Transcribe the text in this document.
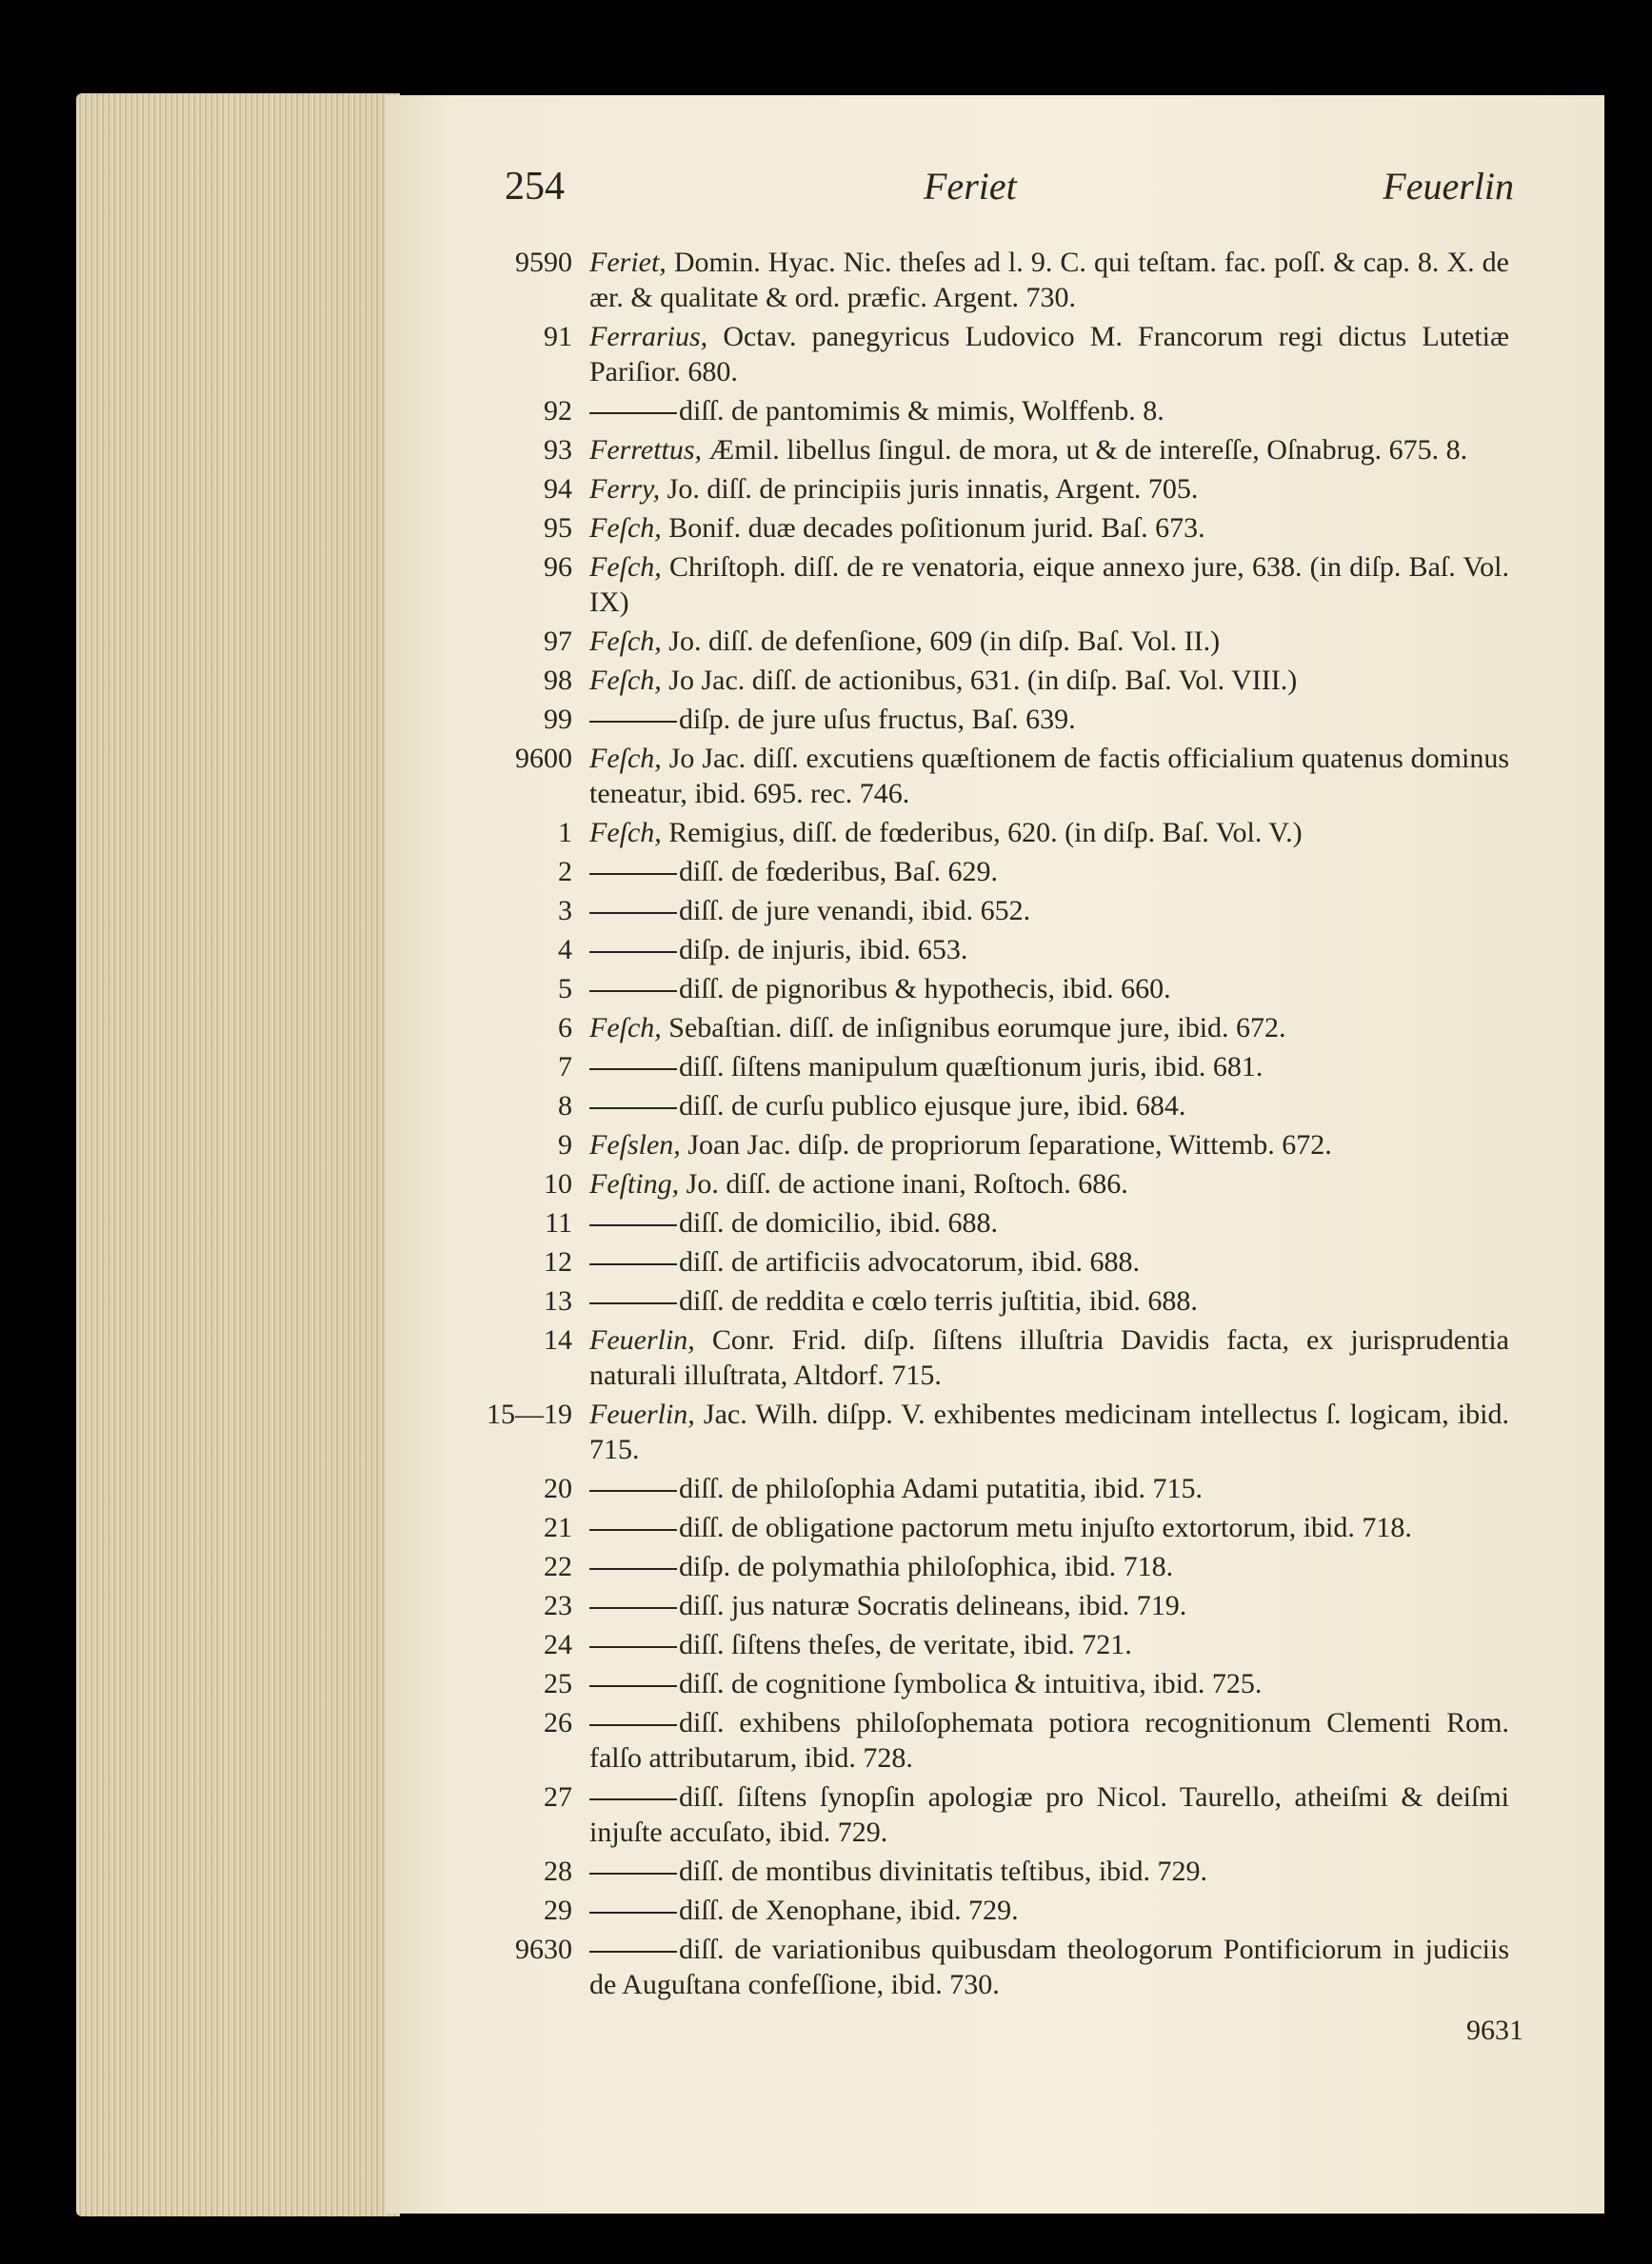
254	Feriet	Feuerlin
9590 Feriet, Domin. Hyac. Nic. theſes ad l. 9. C. qui teſtam. fac. poſſ. & cap. 8. X. de ær. & qualitate & ord. præfic. Argent. 730.
91 Ferrarius, Octav. panegyricus Ludovico M. Francorum regi dictus Lutetiæ Pariſior. 680.
92	diſſ. de pantomimis & mimis, Wolffenb. 8.
93 Ferrettus, Æmil. libellus ſingul. de mora, ut & de intereſſe, Oſnabrug. 675. 8.
94 Ferry, Jo. diſſ. de principiis juris innatis, Argent. 705.
95 Feſch, Bonif. duæ decades poſitionum jurid. Baſ. 673.
96 Feſch, Chriſtoph. diſſ. de re venatoria, eique annexo jure, 638. (in diſp. Baſ. Vol. IX)
97 Feſch, Jo. diſſ. de defenſione, 609 (in diſp. Baſ. Vol. II.)
98 Feſch, Jo Jac. diſſ. de actionibus, 631. (in diſp. Baſ. Vol. VIII.)
99	diſp. de jure uſus fructus, Baſ. 639.
9600 Feſch, Jo Jac. diſſ. excutiens quæſtionem de factis officialium quatenus dominus teneatur, ibid. 695. rec. 746.
1 Feſch, Remigius, diſſ. de fœderibus, 620. (in diſp. Baſ. Vol. V.)
2	diſſ. de fœderibus, Baſ. 629.
3	diſſ. de jure venandi, ibid. 652.
4	diſp. de injuris, ibid. 653.
5	diſſ. de pignoribus & hypothecis, ibid. 660.
6 Feſch, Sebaſtian. diſſ. de inſignibus eorumque jure, ibid. 672.
7	diſſ. ſiſtens manipulum quæſtionum juris, ibid. 681.
8	diſſ. de curſu publico ejusque jure, ibid. 684.
9 Feſslen, Joan Jac. diſp. de propriorum ſeparatione, Wittemb. 672.
10 Feſting, Jo. diſſ. de actione inani, Roſtoch. 686.
11	diſſ. de domicilio, ibid. 688.
12	diſſ. de artificiis advocatorum, ibid. 688.
13	diſſ. de reddita e cœlo terris juſtitia, ibid. 688.
14 Feuerlin, Conr. Frid. diſp. ſiſtens illuſtria Davidis facta, ex jurisprudentia naturali illuſtrata, Altdorf. 715.
15—19 Feuerlin, Jac. Wilh. diſpp. V. exhibentes medicinam intellectus ſ. logicam, ibid. 715.
20	diſſ. de philoſophia Adami putatitia, ibid. 715.
21	diſſ. de obligatione pactorum metu injuſto extortorum, ibid. 718.
22	diſp. de polymathia philoſophica, ibid. 718.
23	diſſ. jus naturæ Socratis delineans, ibid. 719.
24	diſſ. ſiſtens theſes, de veritate, ibid. 721.
25	diſſ. de cognitione ſymbolica & intuitiva, ibid. 725.
26	diſſ. exhibens philoſophemata potiora recognitionum Clementi Rom. falſo attributarum, ibid. 728.
27	diſſ. ſiſtens ſynopſin apologiæ pro Nicol. Taurello, atheiſmi & deiſmi injuſte accuſato, ibid. 729.
28	diſſ. de montibus divinitatis teſtibus, ibid. 729.
29	diſſ. de Xenophane, ibid. 729.
9630	diſſ. de variationibus quibusdam theologorum Pontificiorum in judiciis de Auguſtana confeſſione, ibid. 730.
9631
